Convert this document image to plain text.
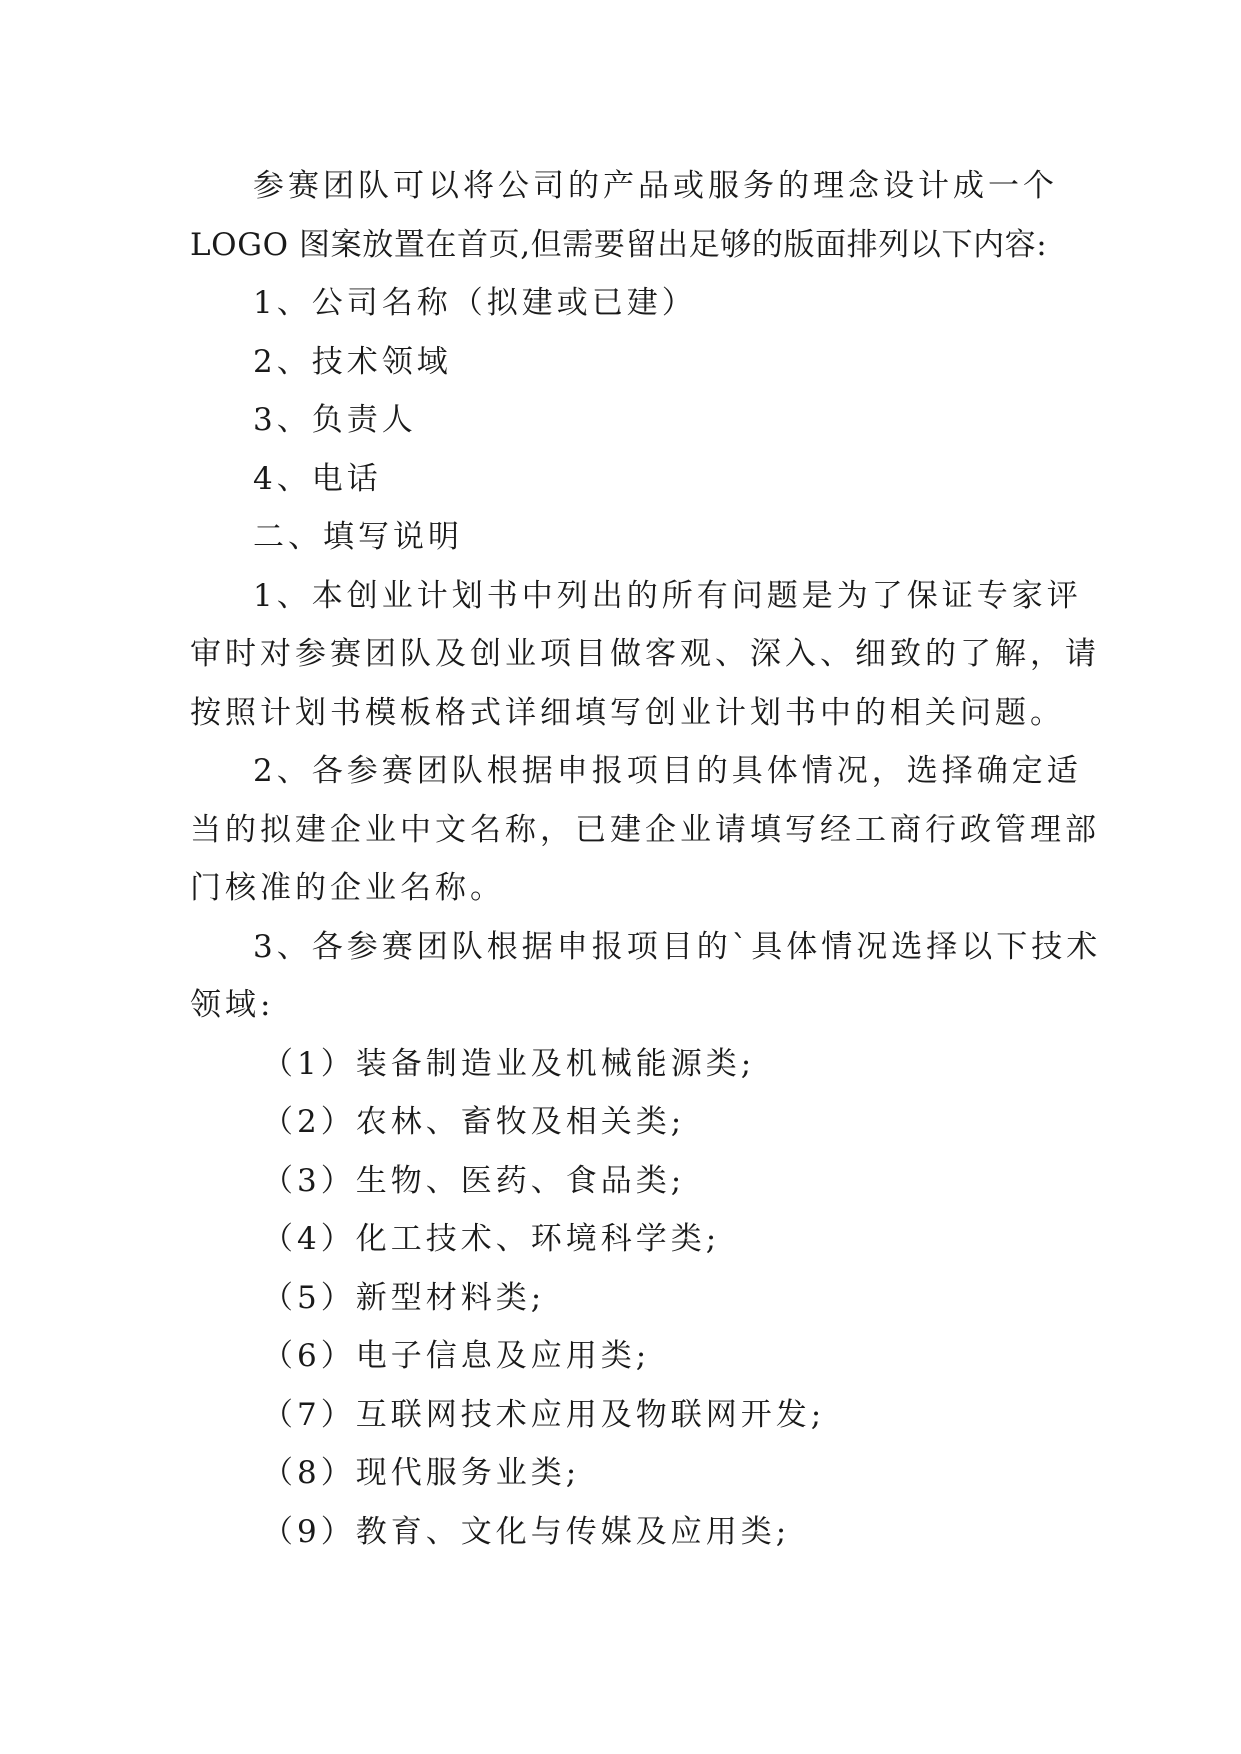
参赛团队可以将公司的产品或服务的理念设计成一个
LOGO 图案放置在首页,但需要留出足够的版面排列以下内容:
1、公司名称（拟建或已建）
2、技术领域
3、负责人
4、电话
二、填写说明
1、本创业计划书中列出的所有问题是为了保证专家评
审时对参赛团队及创业项目做客观、深入、细致的了解，请
按照计划书模板格式详细填写创业计划书中的相关问题。
2、各参赛团队根据申报项目的具体情况，选择确定适
当的拟建企业中文名称，已建企业请填写经工商行政管理部
门核准的企业名称。
3、各参赛团队根据申报项目的`具体情况选择以下技术
领域:
（1）装备制造业及机械能源类;
（2）农林、畜牧及相关类;
（3）生物、医药、食品类;
（4）化工技术、环境科学类;
（5）新型材料类;
（6）电子信息及应用类;
（7）互联网技术应用及物联网开发;
（8）现代服务业类;
（9）教育、文化与传媒及应用类;
